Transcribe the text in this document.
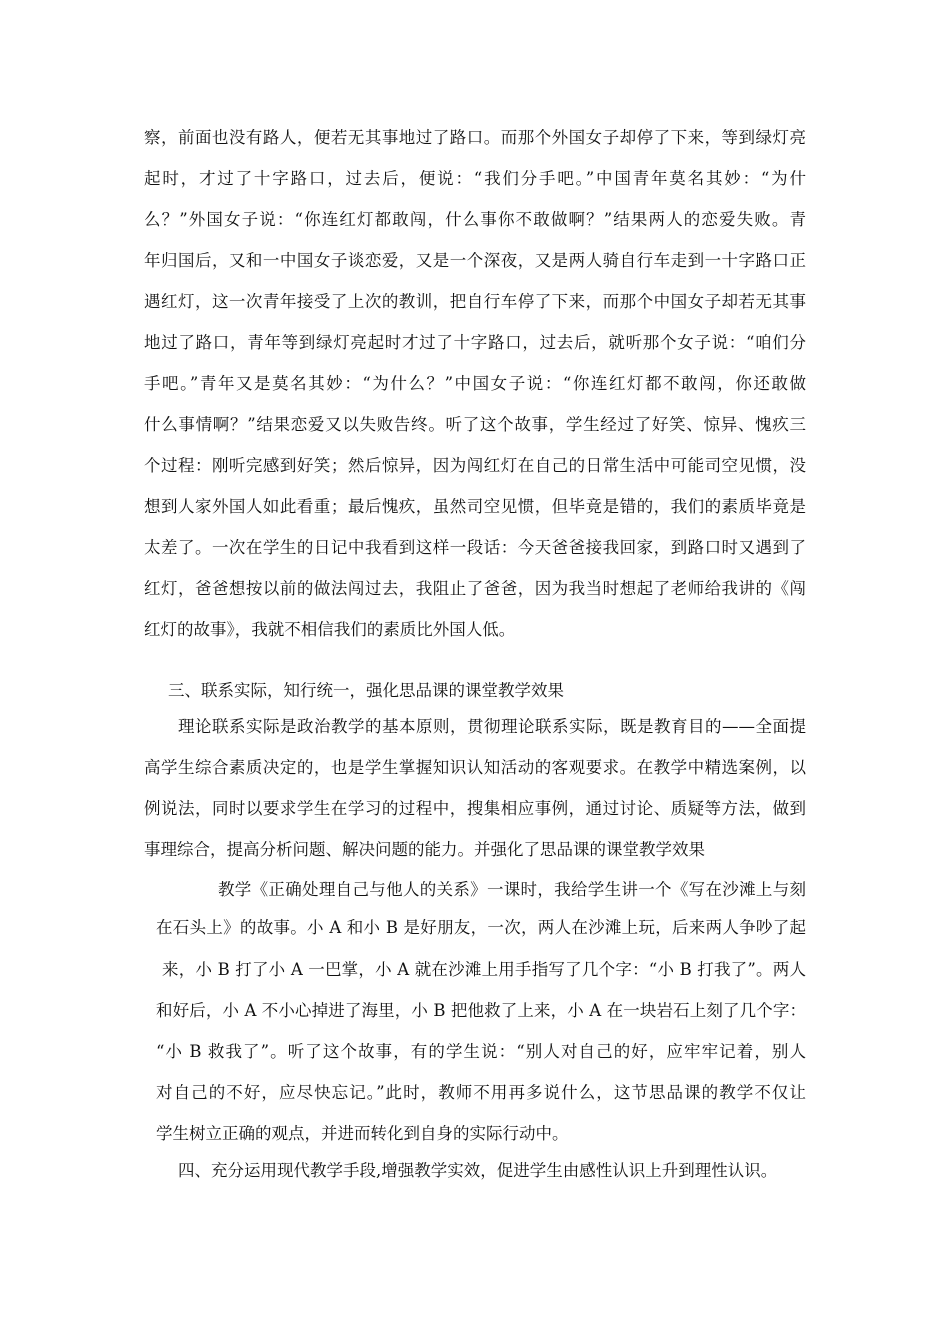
察，前面也没有路人，便若无其事地过了路口。而那个外国女子却停了下来，等到绿灯亮
起时，才过了十字路口，过去后，便说：“我们分手吧。”中国青年莫名其妙：“为什
么？”外国女子说：“你连红灯都敢闯，什么事你不敢做啊？”结果两人的恋爱失败。青
年归国后，又和一中国女子谈恋爱，又是一个深夜，又是两人骑自行车走到一十字路口正
遇红灯，这一次青年接受了上次的教训，把自行车停了下来，而那个中国女子却若无其事
地过了路口，青年等到绿灯亮起时才过了十字路口，过去后，就听那个女子说：“咱们分
手吧。”青年又是莫名其妙：“为什么？”中国女子说：“你连红灯都不敢闯，你还敢做
什么事情啊？”结果恋爱又以失败告终。听了这个故事，学生经过了好笑、惊异、愧疚三
个过程：刚听完感到好笑；然后惊异，因为闯红灯在自己的日常生活中可能司空见惯，没
想到人家外国人如此看重；最后愧疚，虽然司空见惯，但毕竟是错的，我们的素质毕竟是
太差了。一次在学生的日记中我看到这样一段话：今天爸爸接我回家，到路口时又遇到了
红灯，爸爸想按以前的做法闯过去，我阻止了爸爸，因为我当时想起了老师给我讲的《闯
红灯的故事》，我就不相信我们的素质比外国人低。
三、联系实际，知行统一，强化思品课的课堂教学效果
理论联系实际是政治教学的基本原则，贯彻理论联系实际，既是教育目的——全面提
高学生综合素质决定的，也是学生掌握知识认知活动的客观要求。在教学中精选案例，以
例说法，同时以要求学生在学习的过程中，搜集相应事例，通过讨论、质疑等方法，做到
事理综合，提高分析问题、解决问题的能力。并强化了思品课的课堂教学效果
教学《正确处理自己与他人的关系》一课时，我给学生讲一个《写在沙滩上与刻
在石头上》的故事。小 A 和小 B 是好朋友，一次，两人在沙滩上玩，后来两人争吵了起
来，小 B 打了小 A 一巴掌，小 A 就在沙滩上用手指写了几个字：“小 B 打我了”。两人
和好后，小 A 不小心掉进了海里，小 B 把他救了上来，小 A 在一块岩石上刻了几个字：
“小 B 救我了”。听了这个故事，有的学生说：“别人对自己的好，应牢牢记着，别人
对自己的不好，应尽快忘记。”此时，教师不用再多说什么，这节思品课的教学不仅让
学生树立正确的观点，并进而转化到自身的实际行动中。
四、充分运用现代教学手段,增强教学实效，促进学生由感性认识上升到理性认识。
